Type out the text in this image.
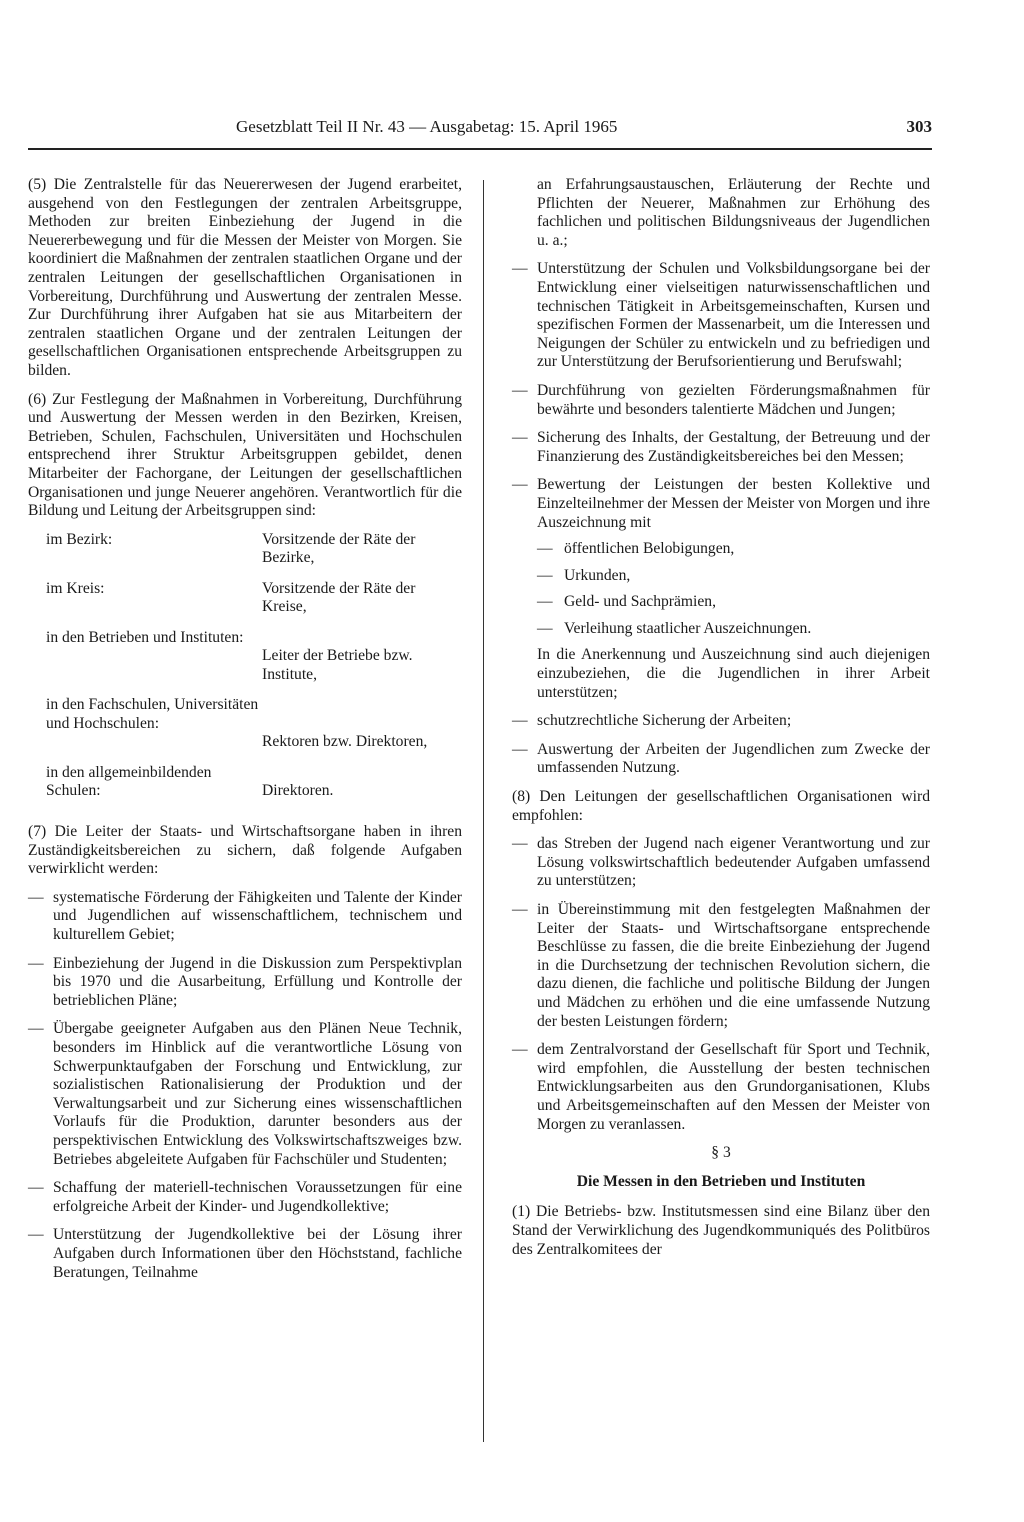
Gesetzblatt Teil II Nr. 43 — Ausgabetag: 15. April 1965	303

(5) Die Zentralstelle für das Neuererwesen der Jugend erarbeitet, ausgehend von den Festlegungen der zentralen Arbeitsgruppe, Methoden zur breiten Einbeziehung der Jugend in die Neuererbewegung und für die Messen der Meister von Morgen. Sie koordiniert die Maßnahmen der zentralen staatlichen Organe und der zentralen Leitungen der gesellschaftlichen Organisationen in Vorbereitung, Durchführung und Auswertung der zentralen Messe. Zur Durchführung ihrer Aufgaben hat sie aus Mitarbeitern der zentralen staatlichen Organe und der zentralen Leitungen der gesellschaftlichen Organisationen entsprechende Arbeitsgruppen zu bilden.

(6) Zur Festlegung der Maßnahmen in Vorbereitung, Durchführung und Auswertung der Messen werden in den Bezirken, Kreisen, Betrieben, Schulen, Fachschulen, Universitäten und Hochschulen entsprechend ihrer Struktur Arbeitsgruppen gebildet, denen Mitarbeiter der Fachorgane, der Leitungen der gesellschaftlichen Organisationen und junge Neuerer angehören. Verantwortlich für die Bildung und Leitung der Arbeitsgruppen sind:

im Bezirk:	Vorsitzende der Räte der Bezirke,
im Kreis:	Vorsitzende der Räte der Kreise,
in den Betrieben und Instituten:	Leiter der Betriebe bzw. Institute,
in den Fachschulen, Universitäten und Hochschulen:	Rektoren bzw. Direktoren,
in den allgemeinbildenden Schulen:	Direktoren.

(7) Die Leiter der Staats- und Wirtschaftsorgane haben in ihren Zuständigkeitsbereichen zu sichern, daß folgende Aufgaben verwirklicht werden:

— systematische Förderung der Fähigkeiten und Talente der Kinder und Jugendlichen auf wissenschaftlichem, technischem und kulturellem Gebiet;
— Einbeziehung der Jugend in die Diskussion zum Perspektivplan bis 1970 und die Ausarbeitung, Erfüllung und Kontrolle der betrieblichen Pläne;
— Übergabe geeigneter Aufgaben aus den Plänen Neue Technik, besonders im Hinblick auf die verantwortliche Lösung von Schwerpunktaufgaben der Forschung und Entwicklung, zur sozialistischen Rationalisierung der Produktion und der Verwaltungsarbeit und zur Sicherung eines wissenschaftlichen Vorlaufs für die Produktion, darunter besonders aus der perspektivischen Entwicklung des Volkswirtschaftszweiges bzw. Betriebes abgeleitete Aufgaben für Fachschüler und Studenten;
— Schaffung der materiell-technischen Voraussetzungen für eine erfolgreiche Arbeit der Kinder- und Jugendkollektive;
— Unterstützung der Jugendkollektive bei der Lösung ihrer Aufgaben durch Informationen über den Höchststand, fachliche Beratungen, Teilnahme

an Erfahrungsaustauschen, Erläuterung der Rechte und Pflichten der Neuerer, Maßnahmen zur Erhöhung des fachlichen und politischen Bildungsniveaus der Jugendlichen u. a.;

— Unterstützung der Schulen und Volksbildungsorgane bei der Entwicklung einer vielseitigen naturwissenschaftlichen und technischen Tätigkeit in Arbeitsgemeinschaften, Kursen und spezifischen Formen der Massenarbeit, um die Interessen und Neigungen der Schüler zu entwickeln und zu befriedigen und zur Unterstützung der Berufsorientierung und Berufswahl;
— Durchführung von gezielten Förderungsmaßnahmen für bewährte und besonders talentierte Mädchen und Jungen;
— Sicherung des Inhalts, der Gestaltung, der Betreuung und der Finanzierung des Zuständigkeitsbereiches bei den Messen;
— Bewertung der Leistungen der besten Kollektive und Einzelteilnehmer der Messen der Meister von Morgen und ihre Auszeichnung mit
— öffentlichen Belobigungen,
— Urkunden,
— Geld- und Sachprämien,
— Verleihung staatlicher Auszeichnungen.

In die Anerkennung und Auszeichnung sind auch diejenigen einzubeziehen, die die Jugendlichen in ihrer Arbeit unterstützen;

— schutzrechtliche Sicherung der Arbeiten;
— Auswertung der Arbeiten der Jugendlichen zum Zwecke der umfassenden Nutzung.

(8) Den Leitungen der gesellschaftlichen Organisationen wird empfohlen:

— das Streben der Jugend nach eigener Verantwortung und zur Lösung volkswirtschaftlich bedeutender Aufgaben umfassend zu unterstützen;
— in Übereinstimmung mit den festgelegten Maßnahmen der Leiter der Staats- und Wirtschaftsorgane entsprechende Beschlüsse zu fassen, die die breite Einbeziehung der Jugend in die Durchsetzung der technischen Revolution sichern, die dazu dienen, die fachliche und politische Bildung der Jungen und Mädchen zu erhöhen und die eine umfassende Nutzung der besten Leistungen fördern;
— dem Zentralvorstand der Gesellschaft für Sport und Technik, wird empfohlen, die Ausstellung der besten technischen Entwicklungsarbeiten aus den Grundorganisationen, Klubs und Arbeitsgemeinschaften auf den Messen der Meister von Morgen zu veranlassen.

§ 3

Die Messen in den Betrieben und Instituten

(1) Die Betriebs- bzw. Institutsmessen sind eine Bilanz über den Stand der Verwirklichung des Jugendkommuniqués des Politbüros des Zentralkomitees der
